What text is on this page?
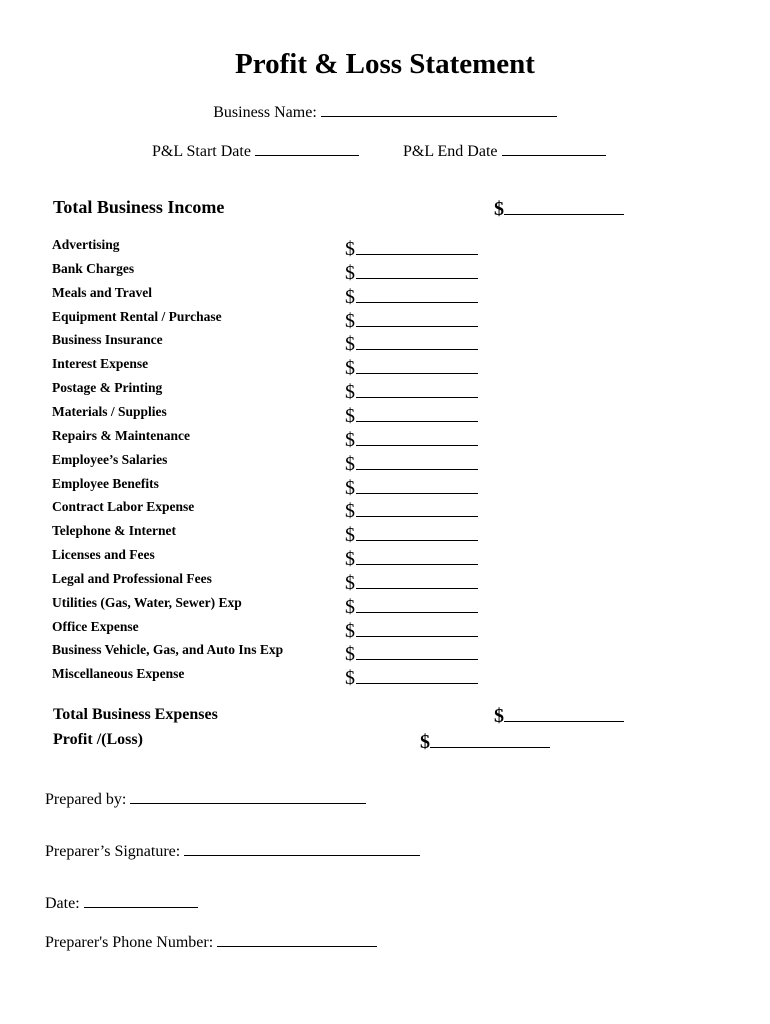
Profit & Loss Statement
Business Name:
P&L Start Date	P&L End Date
Total Business Income	$
Advertising	$
Bank Charges	$
Meals and Travel	$
Equipment Rental / Purchase	$
Business Insurance	$
Interest Expense	$
Postage & Printing	$
Materials / Supplies	$
Repairs & Maintenance	$
Employee’s Salaries	$
Employee Benefits	$
Contract Labor Expense	$
Telephone & Internet	$
Licenses and Fees	$
Legal and Professional Fees	$
Utilities (Gas, Water, Sewer) Exp	$
Office Expense	$
Business Vehicle, Gas, and Auto Ins Exp	$
Miscellaneous Expense	$
Total Business Expenses	$
Profit /(Loss)	$
Prepared by:
Preparer’s Signature:
Date:
Preparer's Phone Number:
